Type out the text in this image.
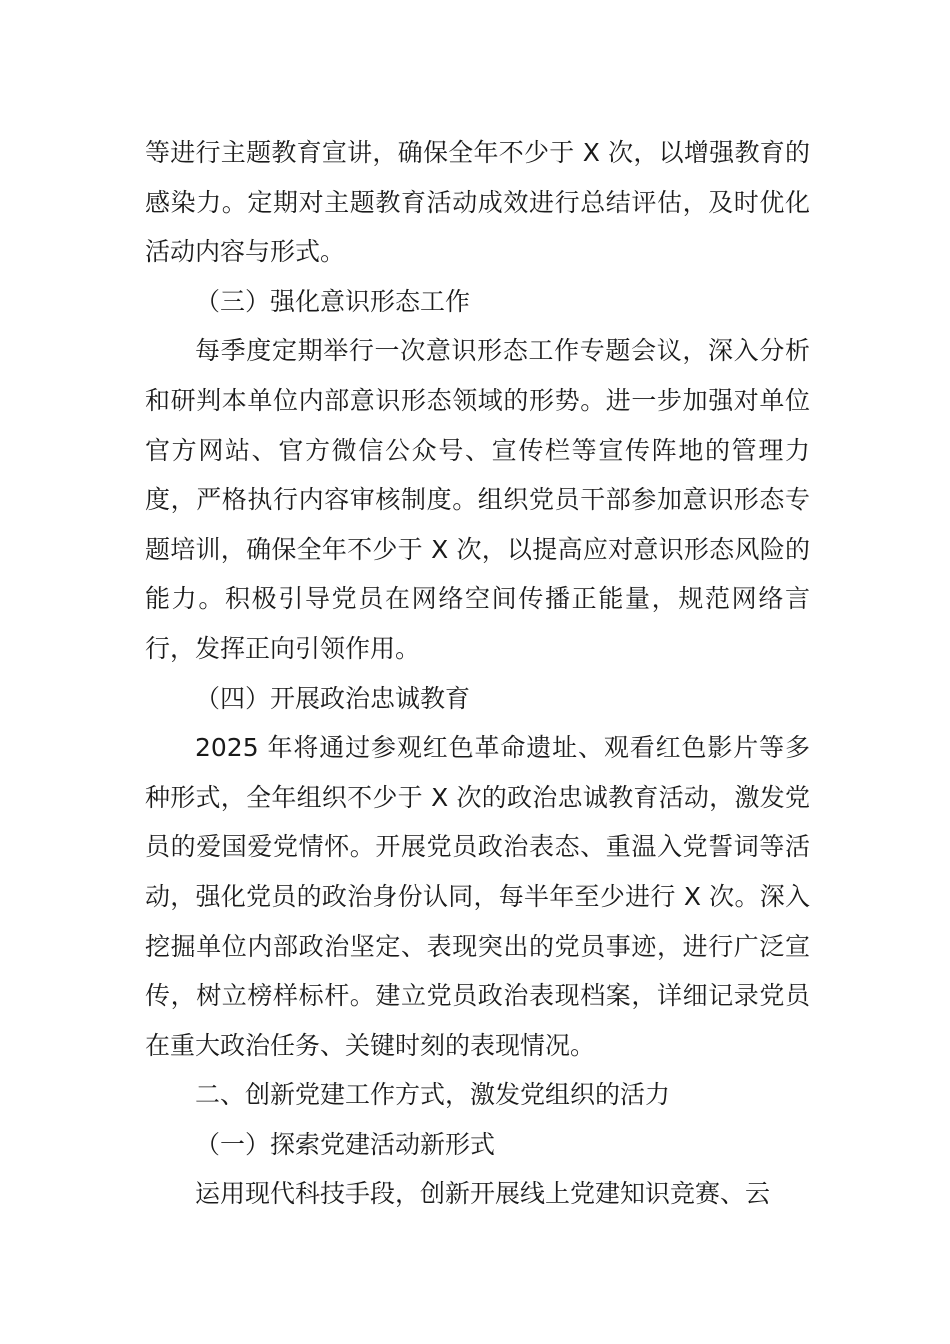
等进行主题教育宣讲，确保全年不少于 X 次，以增强教育的感染力。定期对主题教育活动成效进行总结评估，及时优化活动内容与形式。

（三）强化意识形态工作

每季度定期举行一次意识形态工作专题会议，深入分析和研判本单位内部意识形态领域的形势。进一步加强对单位官方网站、官方微信公众号、宣传栏等宣传阵地的管理力度，严格执行内容审核制度。组织党员干部参加意识形态专题培训，确保全年不少于 X 次，以提高应对意识形态风险的能力。积极引导党员在网络空间传播正能量，规范网络言行，发挥正向引领作用。

（四）开展政治忠诚教育

2025 年将通过参观红色革命遗址、观看红色影片等多种形式，全年组织不少于 X 次的政治忠诚教育活动，激发党员的爱国爱党情怀。开展党员政治表态、重温入党誓词等活动，强化党员的政治身份认同，每半年至少进行 X 次。深入挖掘单位内部政治坚定、表现突出的党员事迹，进行广泛宣传，树立榜样标杆。建立党员政治表现档案，详细记录党员在重大政治任务、关键时刻的表现情况。

二、创新党建工作方式，激发党组织的活力

（一）探索党建活动新形式

运用现代科技手段，创新开展线上党建知识竞赛、云
